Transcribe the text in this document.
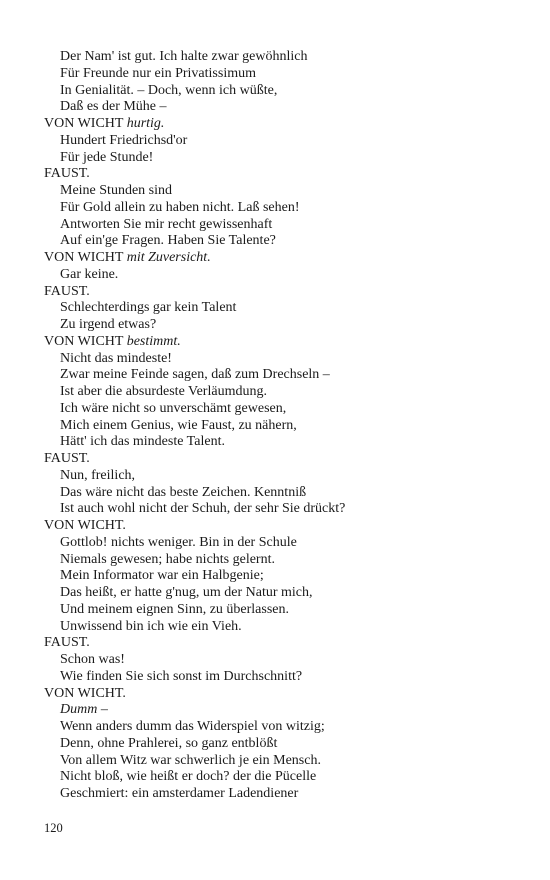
Der Nam' ist gut. Ich halte zwar gewöhnlich
Für Freunde nur ein Privatissimum
In Genialität. – Doch, wenn ich wüßte,
Daß es der Mühe –
VON WICHT hurtig.
Hundert Friedrichsd'or
Für jede Stunde!
FAUST.
Meine Stunden sind
Für Gold allein zu haben nicht. Laß sehen!
Antworten Sie mir recht gewissenhaft
Auf ein'ge Fragen. Haben Sie Talente?
VON WICHT mit Zuversicht.
Gar keine.
FAUST.
Schlechterdings gar kein Talent
Zu irgend etwas?
VON WICHT bestimmt.
Nicht das mindeste!
Zwar meine Feinde sagen, daß zum Drechseln –
Ist aber die absurdeste Verläumdung.
Ich wäre nicht so unverschämt gewesen,
Mich einem Genius, wie Faust, zu nähern,
Hätt' ich das mindeste Talent.
FAUST.
Nun, freilich,
Das wäre nicht das beste Zeichen. Kenntniß
Ist auch wohl nicht der Schuh, der sehr Sie drückt?
VON WICHT.
Gottlob! nichts weniger. Bin in der Schule
Niemals gewesen; habe nichts gelernt.
Mein Informator war ein Halbgenie;
Das heißt, er hatte g'nug, um der Natur mich,
Und meinem eignen Sinn, zu überlassen.
Unwissend bin ich wie ein Vieh.
FAUST.
Schon was!
Wie finden Sie sich sonst im Durchschnitt?
VON WICHT.
Dumm –
Wenn anders dumm das Widerspiel von witzig;
Denn, ohne Prahlerei, so ganz entblößt
Von allem Witz war schwerlich je ein Mensch.
Nicht bloß, wie heißt er doch? der die Pücelle
Geschmiert: ein amsterdamer Ladendiener
120
